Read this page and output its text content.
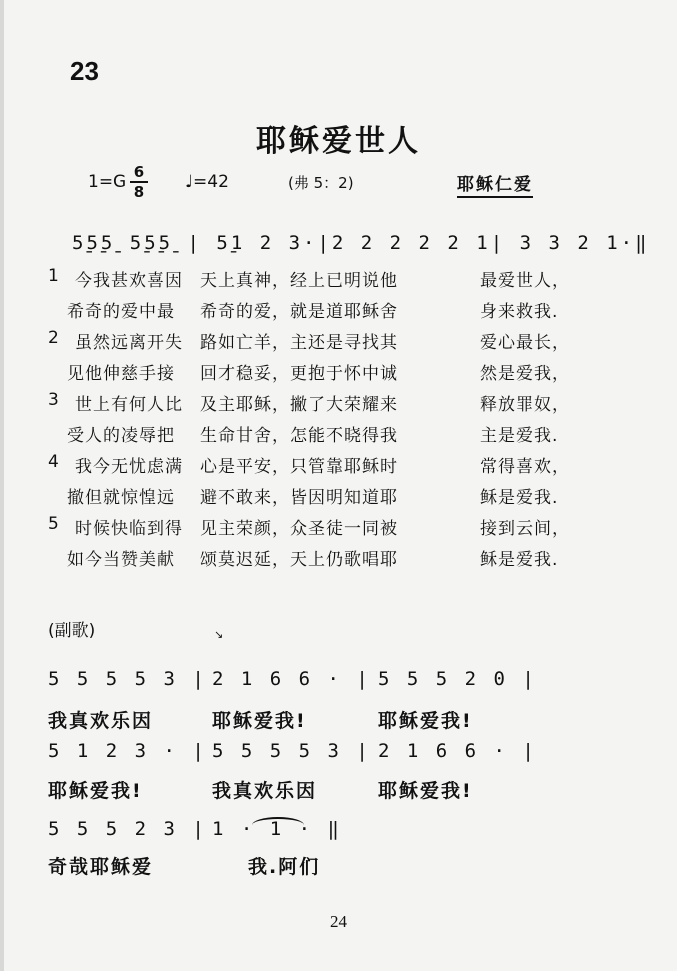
23
耶稣爱世人
1=G 6
8 ♩=42	(弗 5：2)	耶稣仁爱
5̱5̱5̱ 5̱5̱5̱ | 5̱1 2 3·|2 2 2 2 2 1| 3 3 2 1·‖
1 今我甚欢喜因 天上真神，经上已明说他	最爱世人，
希奇的爱中最 希奇的爱，就是道耶稣舍	身来救我.
2 虽然远离开失 路如亡羊，主还是寻找其	爱心最长，
见他伸慈手接 回才稳妥，更抱于怀中诚	然是爱我，
3 世上有何人比 及主耶稣，撇了大荣耀来	释放罪奴，
受人的凌辱把 生命甘舍，怎能不晓得我	主是爱我.
4 我今无忧虑满 心是平安，只管靠耶稣时	常得喜欢，
撤但就惊惶远 避不敢来，皆因明知道耶	稣是爱我.
5 时候快临到得 见主荣颜，众圣徒一同被	接到云间，
如今当赞美献 颂莫迟延，天上仍歌唱耶	稣是爱我.
(副歌)	↘
5 5 5 5 3 | 2 1 6 6 · | 5 5 5 2 0 |
我真欢乐因	耶稣爱我!	耶稣爱我!
5 1 2 3 · | 5 5 5 5 3 | 2 1 6 6 · |
耶稣爱我!	我真欢乐因	耶稣爱我!
5 5 5 2 3 | 1 · 1 · ‖
奇哉耶稣爱	我.阿们
24
